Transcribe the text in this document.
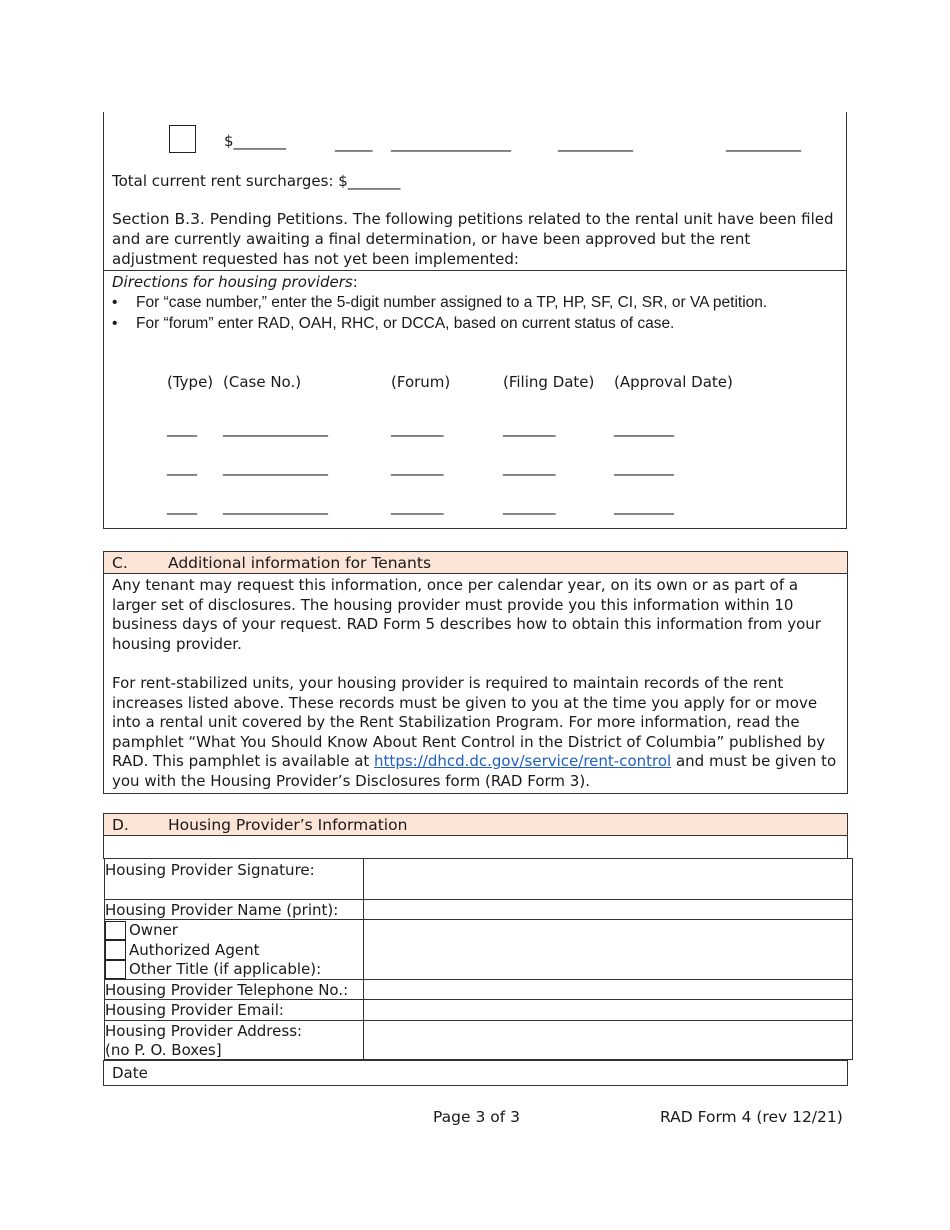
$_______	_____ ________________	__________	__________
Total current rent surcharges: $_______
Section B.3. Pending Petitions. The following petitions related to the rental unit have been filed and are currently awaiting a final determination, or have been approved but the rent adjustment requested has not yet been implemented:
Directions for housing providers:
• For “case number,” enter the 5-digit number assigned to a TP, HP, SF, CI, SR, or VA petition.
• For “forum” enter RAD, OAH, RHC, or DCCA, based on current status of case.
(Type) (Case No.)	(Forum)	(Filing Date) (Approval Date)
____ ______________	_______	_______	________
____ ______________	_______	_______	________
____ ______________	_______	_______	________
C.	Additional information for Tenants
Any tenant may request this information, once per calendar year, on its own or as part of a larger set of disclosures. The housing provider must provide you this information within 10 business days of your request. RAD Form 5 describes how to obtain this information from your housing provider.
For rent-stabilized units, your housing provider is required to maintain records of the rent increases listed above. These records must be given to you at the time you apply for or move into a rental unit covered by the Rent Stabilization Program. For more information, read the pamphlet “What You Should Know About Rent Control in the District of Columbia” published by RAD. This pamphlet is available at https://dhcd.dc.gov/service/rent-control and must be given to you with the Housing Provider’s Disclosures form (RAD Form 3).
D.	Housing Provider’s Information
Housing Provider Signature:
Housing Provider Name (print):
Owner
Authorized Agent
Other Title (if applicable):
Housing Provider Telephone No.:
Housing Provider Email:
Housing Provider Address:
(no P. O. Boxes]
Date
Page 3 of 3	RAD Form 4 (rev 12/21)
